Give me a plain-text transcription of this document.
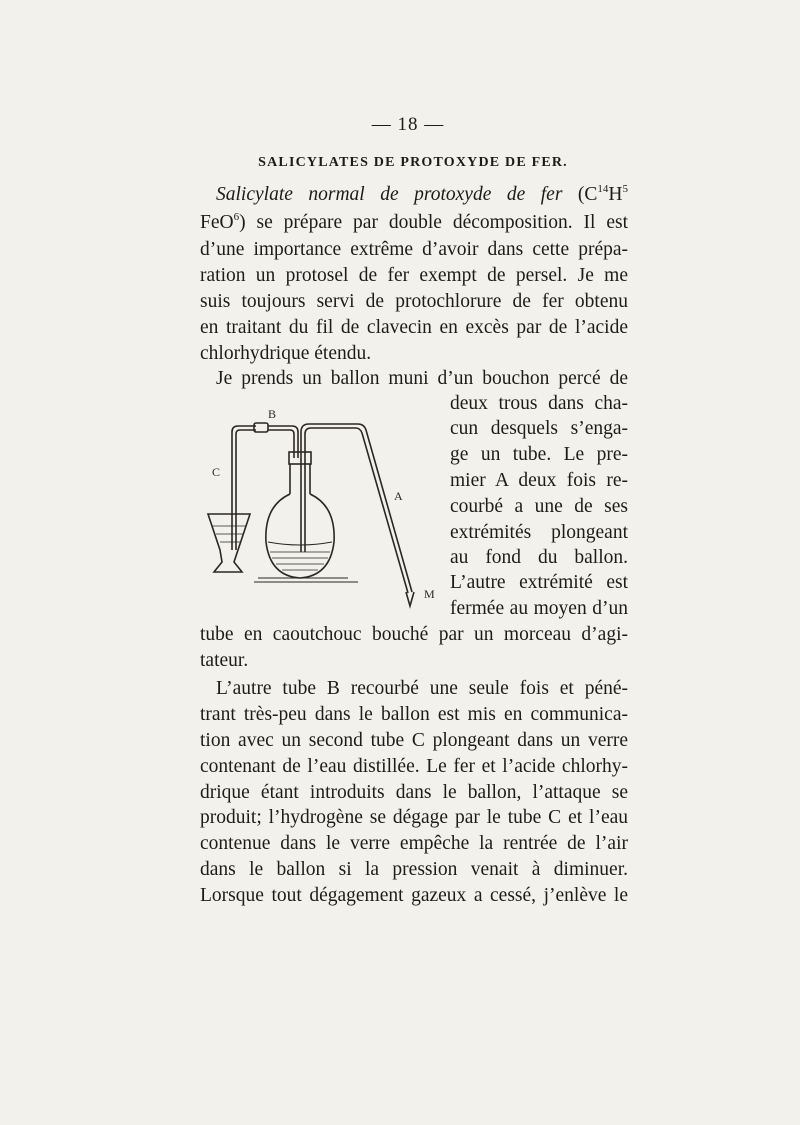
— 18 —
SALICYLATES DE PROTOXYDE DE FER.
Salicylate normal de protoxyde de fer ($C^{14}H^5$
FeO$^6$) se prépare par double décomposition. Il est
d’une importance extrême d’avoir dans cette prépa-
ration un protosel de fer exempt de persel. Je me
suis toujours servi de protochlorure de fer obtenu
en traitant du fil de clavecin en excès par de l’acide
chlorhydrique étendu.
Je prends un ballon muni d’un bouchon percé de
deux trous dans cha-
cun desquels s’enga-
ge un tube. Le pre-
mier A deux fois re-
courbé a une de ses
extrémités plongeant
au fond du ballon.
L’autre extrémité est
fermée au moyen d’un
tube en caoutchouc bouché par un morceau d’agi-
tateur.
B
C
A
M
L’autre tube B recourbé une seule fois et péné-
trant très-peu dans le ballon est mis en communica-
tion avec un second tube C plongeant dans un verre
contenant de l’eau distillée. Le fer et l’acide chlorhy-
drique étant introduits dans le ballon, l’attaque se
produit; l’hydrogène se dégage par le tube C et l’eau
contenue dans le verre empêche la rentrée de l’air
dans le ballon si la pression venait à diminuer.
Lorsque tout dégagement gazeux a cessé, j’enlève le
